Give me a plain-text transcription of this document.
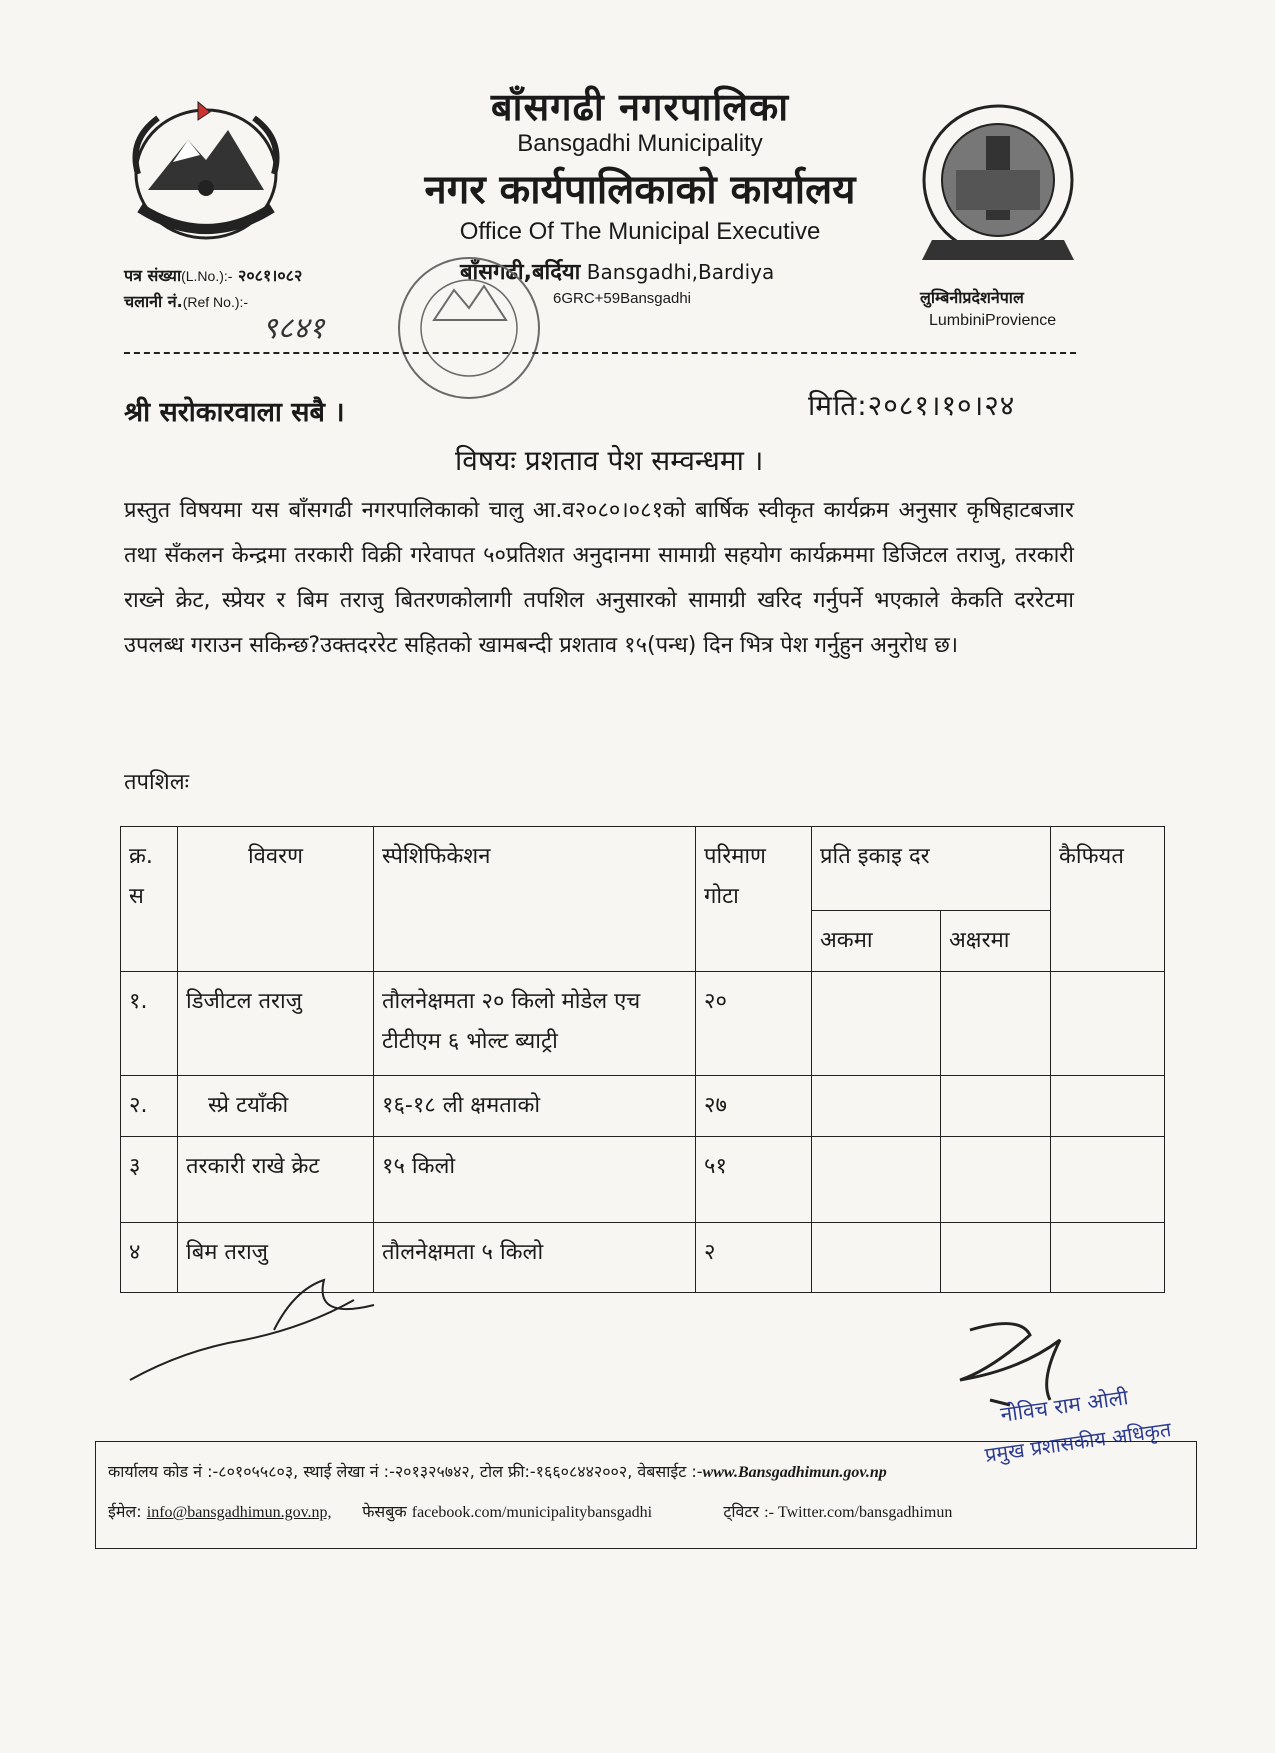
बाँसगढी नगरपालिका
Bansgadhi Municipality
नगर कार्यपालिकाको कार्यालय
Office Of The Municipal Executive
बाँसगढी,बर्दिया Bansgadhi,Bardiya
6GRC+59Bansgadhi
पत्र संख्या(L.No.):- २०८१।०८२
चलानी नं.(Ref No.):-
९८४१
लुम्बिनीप्रदेशनेपाल
LumbiniProvience
श्री सरोकारवाला सबै ।	मिति:२०८१।१०।२४
विषयः प्रशताव पेश सम्वन्धमा ।
प्रस्तुत विषयमा यस बाँसगढी नगरपालिकाको चालु आ.व२०८०।०८१को बार्षिक स्वीकृत कार्यक्रम अनुसार कृषिहाटबजार तथा सँकलन केन्द्रमा तरकारी विक्री गरेवापत ५०प्रतिशत अनुदानमा सामाग्री सहयोग कार्यक्रममा डिजिटल तराजु, तरकारी राख्ने क्रेट, स्प्रेयर र बिम तराजु बितरणकोलागी तपशिल अनुसारको सामाग्री खरिद गर्नुपर्ने भएकाले केकति दररेटमा उपलब्ध गराउन सकिन्छ?उक्तदररेट सहितको खामबन्दी प्रशताव १५(पन्ध) दिन भित्र पेश गर्नुहुन अनुरोध छ।
तपशिलः
क्र. स	विवरण	स्पेशिफिकेशन	परिमाण गोटा	प्रति इकाइ दर		कैफियत
				अकमा	अक्षरमा	
१.	डिजीटल तराजु	तौलनेक्षमता २० किलो मोडेल एच टीटीएम ६ भोल्ट ब्याट्री	२०			
२.	स्प्रे टयाँकी	१६-१८ ली क्षमताको	२७			
३	तरकारी राखे क्रेट	१५ किलो	५१			
४	बिम तराजु	तौलनेक्षमता ५ किलो	२			
नोविच राम ओली
प्रमुख प्रशासकीय अधिकृत
कार्यालय कोड नं :-८०१०५५८०३, स्थाई लेखा नं :-२०१३२५७४२, टोल फ्री:-१६६०८४४२००२, वेबसाईट :-www.Bansgadhimun.gov.np
ईमेल: info@bansgadhimun.gov.np, फेसबुक facebook.com/municipalitybansgadhi	ट्विटर :- Twitter.com/bansgadhimun
